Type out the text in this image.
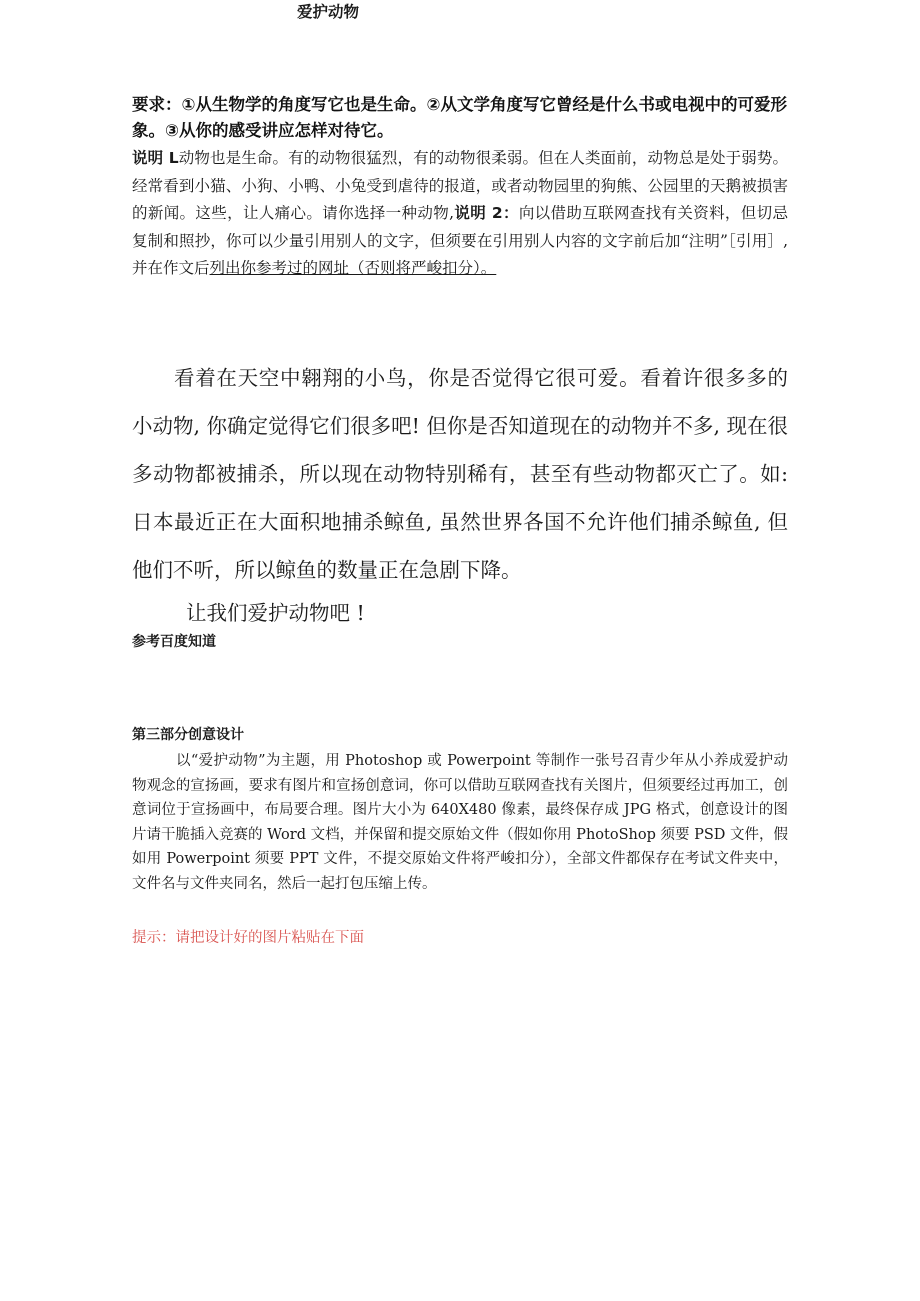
要求：①从生物学的角度写它也是生命。②从文学角度写它曾经是什么书或电视中的可爱形象。③从你的感受讲应怎样对待它。

说明 L动物也是生命。有的动物很猛烈，有的动物很柔弱。但在人类面前，动物总是处于弱势。经常看到小猫、小狗、小鸭、小兔受到虐待的报道，或者动物园里的狗熊、公园里的天鹅被损害的新闻。这些，让人痛心。请你选择一种动物,说明 2：向以借助互联网查找有关资料，但切忌复制和照抄，你可以少量引用别人的文字，但须要在引用别人内容的文字前后加“注明”［引用］, 并在作文后列出你参考过的网址（否则将严峻扣分）。

爱护动物

看着在天空中翱翔的小鸟，你是否觉得它很可爱。看着许很多多的小动物, 你确定觉得它们很多吧! 但你是否知道现在的动物并不多, 现在很多动物都被捕杀，所以现在动物特别稀有，甚至有些动物都灭亡了。如: 日本最近正在大面积地捕杀鲸鱼, 虽然世界各国不允许他们捕杀鲸鱼, 但他们不听，所以鲸鱼的数量正在急剧下降。

让我们爱护动物吧 !
参考百度知道
第三部分创意设计

以“爱护动物”为主题，用 Photoshop 或 Powerpoint 等制作一张号召青少年从小养成爱护动物观念的宣扬画，要求有图片和宣扬创意词，你可以借助互联网查找有关图片，但须要经过再加工，创意词位于宣扬画中，布局要合理。图片大小为 640X480 像素，最终保存成 JPG 格式，创意设计的图片请干脆插入竞赛的 Word 文档，并保留和提交原始文件（假如你用 PhotoShop 须要 PSD 文件，假如用 Powerpoint 须要 PPT 文件，不提交原始文件将严峻扣分），全部文件都保存在考试文件夹中，文件名与文件夹同名，然后一起打包压缩上传。

提示：请把设计好的图片粘贴在下面
